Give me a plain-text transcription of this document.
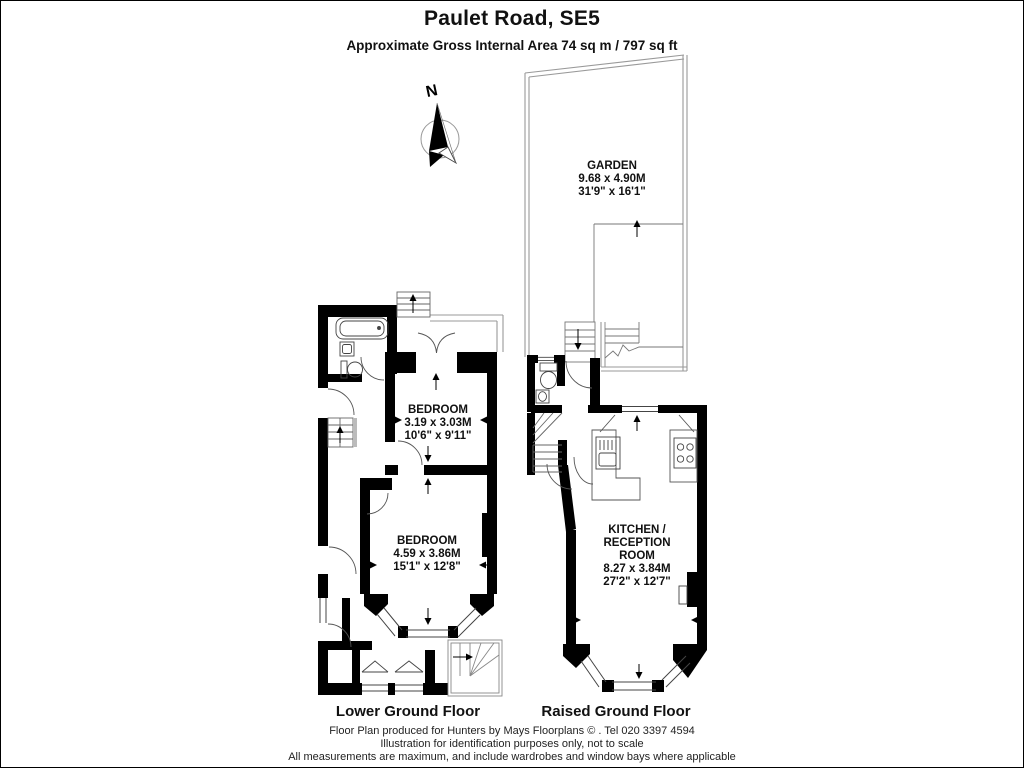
Paulet Road, SE5
Approximate Gross Internal Area 74 sq m / 797 sq ft
N
GARDEN
9.68 x 4.90M
31'9" x 16'1"
BEDROOM
3.19 x 3.03M
10'6" x 9'11"
BEDROOM
4.59 x 3.86M
15'1" x 12'8"
KITCHEN /
RECEPTION
ROOM
8.27 x 3.84M
27'2" x 12'7"
Lower Ground Floor	Raised Ground Floor
Floor Plan produced for Hunters by Mays Floorplans © . Tel 020 3397 4594
Illustration for identification purposes only, not to scale
All measurements are maximum, and include wardrobes and window bays where applicable
